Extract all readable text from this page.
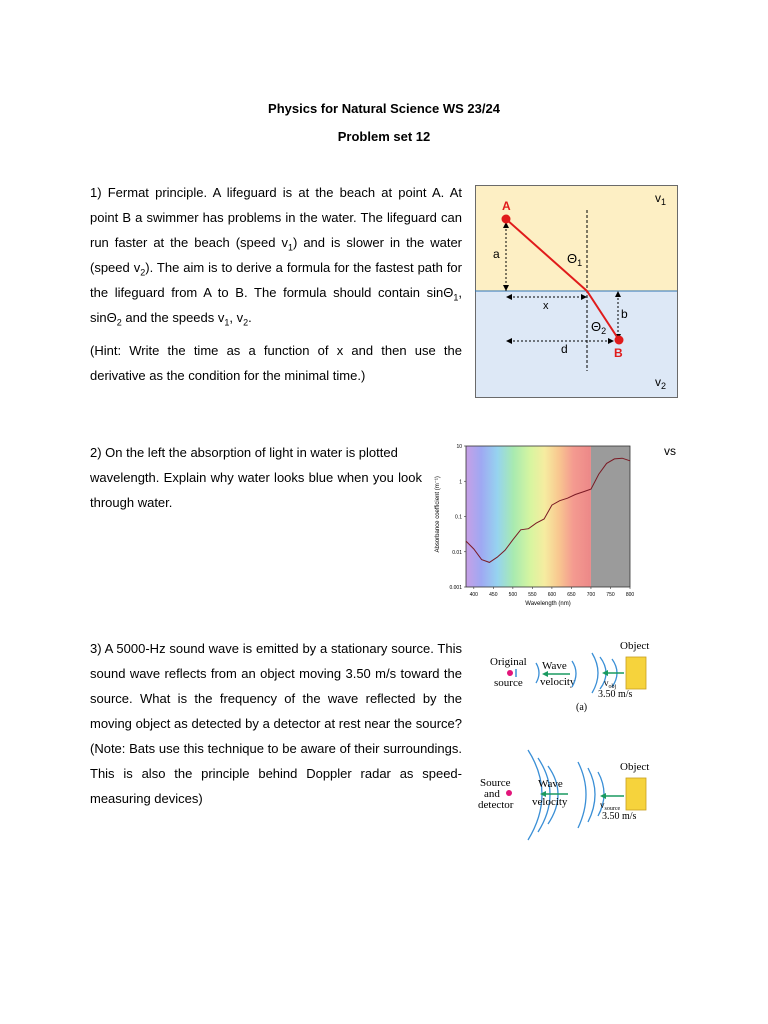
Physics for Natural Science WS 23/24
Problem set 12

1) Fermat principle. A lifeguard is at the beach at point A. At point B a swimmer has problems in the water. The lifeguard can run faster at the beach (speed $v_1$) and is slower in the water (speed $v_2$). The aim is to derive a formula for the fastest path for the lifeguard from A to B. The formula should contain sinΘ$_1$, sinΘ$_2$ and the speeds $v_1$, $v_2$.

(Hint: Write the time as a function of x and then use the derivative as the condition for the minimal time.)

A
B
a
x
b
d
$\Theta_1$
$\Theta_2$
$v_1$
$v_2$

2) On the left the absorption of light in water is plotted
wavelength. Explain why water looks blue when you look through water.

vs
10
1
0.1
0.01
0.001
400 450 500 550 600 650 700 750 800
Absorbance coefficient (m⁻¹)
Wavelength (nm)

3) A 5000-Hz sound wave is emitted by a stationary source. This sound wave reflects from an object moving 3.50 m/s toward the source. What is the frequency of the wave reflected by the moving object as detected by a detector at rest near the source? (Note: Bats use this technique to be aware of their surroundings. This is also the principle behind Doppler radar as speed-measuring devices)

Original
source
Wave
velocity
Object
$v_{obj}$
3.50 m/s
(a)
Source
and
detector
Wave
velocity
Object
$v_{source}$
3.50 m/s
